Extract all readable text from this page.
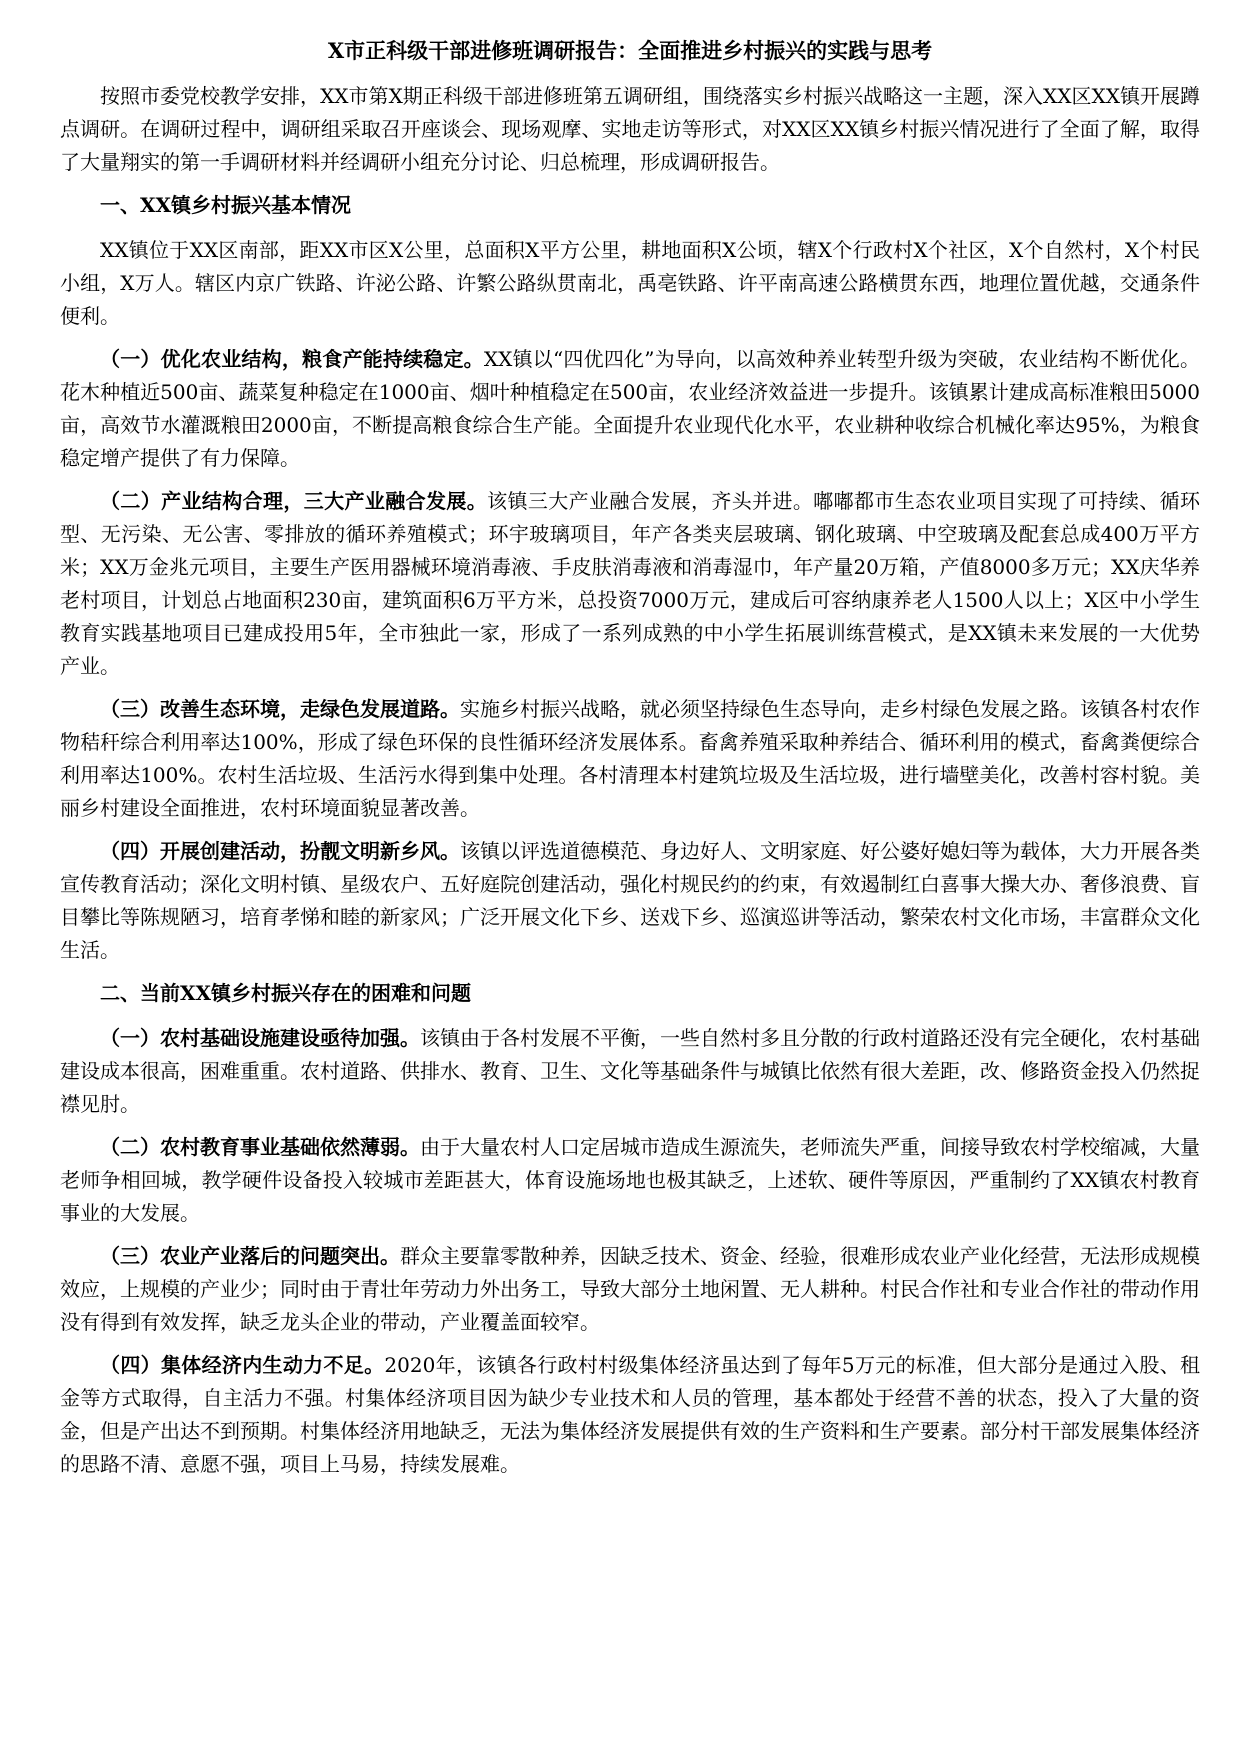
X市正科级干部进修班调研报告：全面推进乡村振兴的实践与思考

按照市委党校教学安排，XX市第X期正科级干部进修班第五调研组，围绕落实乡村振兴战略这一主题，深入XX区XX镇开展蹲点调研。在调研过程中，调研组采取召开座谈会、现场观摩、实地走访等形式，对XX区XX镇乡村振兴情况进行了全面了解，取得了大量翔实的第一手调研材料并经调研小组充分讨论、归总梳理，形成调研报告。

一、XX镇乡村振兴基本情况

XX镇位于XX区南部，距XX市区X公里，总面积X平方公里，耕地面积X公顷，辖X个行政村X个社区，X个自然村，X个村民小组，X万人。辖区内京广铁路、许泌公路、许繁公路纵贯南北，禹亳铁路、许平南高速公路横贯东西，地理位置优越，交通条件便利。

（一）优化农业结构，粮食产能持续稳定。XX镇以“四优四化”为导向，以高效种养业转型升级为突破，农业结构不断优化。花木种植近500亩、蔬菜复种稳定在1000亩、烟叶种植稳定在500亩，农业经济效益进一步提升。该镇累计建成高标准粮田5000亩，高效节水灌溉粮田2000亩，不断提高粮食综合生产能。全面提升农业现代化水平，农业耕种收综合机械化率达95%，为粮食稳定增产提供了有力保障。

（二）产业结构合理，三大产业融合发展。该镇三大产业融合发展，齐头并进。嘟嘟都市生态农业项目实现了可持续、循环型、无污染、无公害、零排放的循环养殖模式；环宇玻璃项目，年产各类夹层玻璃、钢化玻璃、中空玻璃及配套总成400万平方米；XX万金兆元项目，主要生产医用器械环境消毒液、手皮肤消毒液和消毒湿巾，年产量20万箱，产值8000多万元；XX庆华养老村项目，计划总占地面积230亩，建筑面积6万平方米，总投资7000万元，建成后可容纳康养老人1500人以上；X区中小学生教育实践基地项目已建成投用5年，全市独此一家，形成了一系列成熟的中小学生拓展训练营模式，是XX镇未来发展的一大优势产业。

（三）改善生态环境，走绿色发展道路。实施乡村振兴战略，就必须坚持绿色生态导向，走乡村绿色发展之路。该镇各村农作物秸秆综合利用率达100%，形成了绿色环保的良性循环经济发展体系。畜禽养殖采取种养结合、循环利用的模式，畜禽粪便综合利用率达100%。农村生活垃圾、生活污水得到集中处理。各村清理本村建筑垃圾及生活垃圾，进行墙壁美化，改善村容村貌。美丽乡村建设全面推进，农村环境面貌显著改善。

（四）开展创建活动，扮靓文明新乡风。该镇以评选道德模范、身边好人、文明家庭、好公婆好媳妇等为载体，大力开展各类宣传教育活动；深化文明村镇、星级农户、五好庭院创建活动，强化村规民约的约束，有效遏制红白喜事大操大办、奢侈浪费、盲目攀比等陈规陋习，培育孝悌和睦的新家风；广泛开展文化下乡、送戏下乡、巡演巡讲等活动，繁荣农村文化市场，丰富群众文化生活。

二、当前XX镇乡村振兴存在的困难和问题

（一）农村基础设施建设亟待加强。该镇由于各村发展不平衡，一些自然村多且分散的行政村道路还没有完全硬化，农村基础建设成本很高，困难重重。农村道路、供排水、教育、卫生、文化等基础条件与城镇比依然有很大差距，改、修路资金投入仍然捉襟见肘。

（二）农村教育事业基础依然薄弱。由于大量农村人口定居城市造成生源流失，老师流失严重，间接导致农村学校缩减，大量老师争相回城，教学硬件设备投入较城市差距甚大，体育设施场地也极其缺乏，上述软、硬件等原因，严重制约了XX镇农村教育事业的大发展。

（三）农业产业落后的问题突出。群众主要靠零散种养，因缺乏技术、资金、经验，很难形成农业产业化经营，无法形成规模效应，上规模的产业少；同时由于青壮年劳动力外出务工，导致大部分土地闲置、无人耕种。村民合作社和专业合作社的带动作用没有得到有效发挥，缺乏龙头企业的带动，产业覆盖面较窄。

（四）集体经济内生动力不足。2020年，该镇各行政村村级集体经济虽达到了每年5万元的标准，但大部分是通过入股、租金等方式取得，自主活力不强。村集体经济项目因为缺少专业技术和人员的管理，基本都处于经营不善的状态，投入了大量的资金，但是产出达不到预期。村集体经济用地缺乏，无法为集体经济发展提供有效的生产资料和生产要素。部分村干部发展集体经济的思路不清、意愿不强，项目上马易，持续发展难。
